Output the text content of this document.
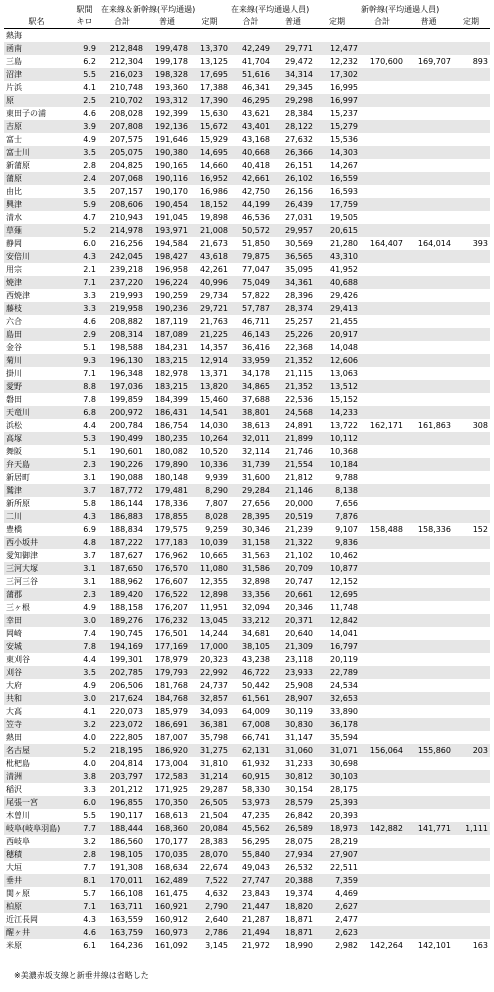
	駅間	在来線＆新幹線(平均通過)			在来線(平均通過人員)			新幹線(平均通過人員)		
駅名	キロ	合計	普通	定期	合計	普通	定期	合計	普通	定期
熱海										
函南	9.9	212,848	199,478	13,370	42,249	29,771	12,477			
三島	6.2	212,304	199,178	13,125	41,704	29,472	12,232	170,600	169,707	893
沼津	5.5	216,023	198,328	17,695	51,616	34,314	17,302			
片浜	4.1	210,748	193,360	17,388	46,341	29,345	16,995			
原	2.5	210,702	193,312	17,390	46,295	29,298	16,997			
東田子の浦	4.6	208,028	192,399	15,630	43,621	28,384	15,237			
吉原	3.9	207,808	192,136	15,672	43,401	28,122	15,279			
富士	4.9	207,575	191,646	15,929	43,168	27,632	15,536			
富士川	3.5	205,075	190,380	14,695	40,668	26,366	14,303			
新蒲原	2.8	204,825	190,165	14,660	40,418	26,151	14,267			
蒲原	2.4	207,068	190,116	16,952	42,661	26,102	16,559			
由比	3.5	207,157	190,170	16,986	42,750	26,156	16,593			
興津	5.9	208,606	190,454	18,152	44,199	26,439	17,759			
清水	4.7	210,943	191,045	19,898	46,536	27,031	19,505			
草薙	5.2	214,978	193,971	21,008	50,572	29,957	20,615			
静岡	6.0	216,256	194,584	21,673	51,850	30,569	21,280	164,407	164,014	393
安倍川	4.3	242,045	198,427	43,618	79,875	36,565	43,310			
用宗	2.1	239,218	196,958	42,261	77,047	35,095	41,952			
焼津	7.1	237,220	196,224	40,996	75,049	34,361	40,688			
西焼津	3.3	219,993	190,259	29,734	57,822	28,396	29,426			
藤枝	3.3	219,958	190,236	29,721	57,787	28,374	29,413			
六合	4.6	208,882	187,119	21,763	46,711	25,257	21,455			
島田	2.9	208,314	187,089	21,225	46,143	25,226	20,917			
金谷	5.1	198,588	184,231	14,357	36,416	22,368	14,048			
菊川	9.3	196,130	183,215	12,914	33,959	21,352	12,606			
掛川	7.1	196,348	182,978	13,371	34,178	21,115	13,063			
愛野	8.8	197,036	183,215	13,820	34,865	21,352	13,512			
磐田	7.8	199,859	184,399	15,460	37,688	22,536	15,152			
天竜川	6.8	200,972	186,431	14,541	38,801	24,568	14,233			
浜松	4.4	200,784	186,754	14,030	38,613	24,891	13,722	162,171	161,863	308
高塚	5.3	190,499	180,235	10,264	32,011	21,899	10,112			
舞阪	5.1	190,601	180,082	10,520	32,114	21,746	10,368			
弁天島	2.3	190,226	179,890	10,336	31,739	21,554	10,184			
新居町	3.1	190,088	180,148	9,939	31,600	21,812	9,788			
鷲津	3.7	187,772	179,481	8,290	29,284	21,146	8,138			
新所原	5.8	186,144	178,336	7,807	27,656	20,000	7,656			
二川	4.3	186,883	178,855	8,028	28,395	20,519	7,876			
豊橋	6.9	188,834	179,575	9,259	30,346	21,239	9,107	158,488	158,336	152
西小坂井	4.8	187,222	177,183	10,039	31,158	21,322	9,836			
愛知御津	3.7	187,627	176,962	10,665	31,563	21,102	10,462			
三河大塚	3.1	187,650	176,570	11,080	31,586	20,709	10,877			
三河三谷	3.1	188,962	176,607	12,355	32,898	20,747	12,152			
蒲郡	2.3	189,420	176,522	12,898	33,356	20,661	12,695			
三ヶ根	4.9	188,158	176,207	11,951	32,094	20,346	11,748			
幸田	3.0	189,276	176,232	13,045	33,212	20,371	12,842			
岡崎	7.4	190,745	176,501	14,244	34,681	20,640	14,041			
安城	7.8	194,169	177,169	17,000	38,105	21,309	16,797			
東刈谷	4.4	199,301	178,979	20,323	43,238	23,118	20,119			
刈谷	3.5	202,785	179,793	22,992	46,722	23,933	22,789			
大府	4.9	206,506	181,768	24,737	50,442	25,908	24,534			
共和	3.0	217,624	184,768	32,857	61,561	28,907	32,653			
大高	4.1	220,073	185,979	34,093	64,009	30,119	33,890			
笠寺	3.2	223,072	186,691	36,381	67,008	30,830	36,178			
熱田	4.0	222,805	187,007	35,798	66,741	31,147	35,594			
名古屋	5.2	218,195	186,920	31,275	62,131	31,060	31,071	156,064	155,860	203
枇杷島	4.0	204,814	173,004	31,810	61,932	31,233	30,698			
清洲	3.8	203,797	172,583	31,214	60,915	30,812	30,103			
稲沢	3.3	201,212	171,925	29,287	58,330	30,154	28,175			
尾張一宮	6.0	196,855	170,350	26,505	53,973	28,579	25,393			
木曽川	5.5	190,117	168,613	21,504	47,235	26,842	20,393			
岐阜(岐阜羽島)	7.7	188,444	168,360	20,084	45,562	26,589	18,973	142,882	141,771	1,111
西岐阜	3.2	186,560	170,177	28,383	56,295	28,075	28,219			
穂積	2.8	198,105	170,035	28,070	55,840	27,934	27,907			
大垣	7.7	191,308	168,634	22,674	49,043	26,532	22,511			
垂井	8.1	170,011	162,489	7,522	27,747	20,388	7,359			
関ヶ原	5.7	166,108	161,475	4,632	23,843	19,374	4,469			
柏原	7.1	163,711	160,921	2,790	21,447	18,820	2,627			
近江長岡	4.3	163,559	160,912	2,640	21,287	18,871	2,477			
醒ヶ井	4.6	163,759	160,973	2,786	21,494	18,871	2,623			
米原	6.1	164,236	161,092	3,145	21,972	18,990	2,982	142,264	142,101	163
※美濃赤坂支線と新垂井線は省略した
